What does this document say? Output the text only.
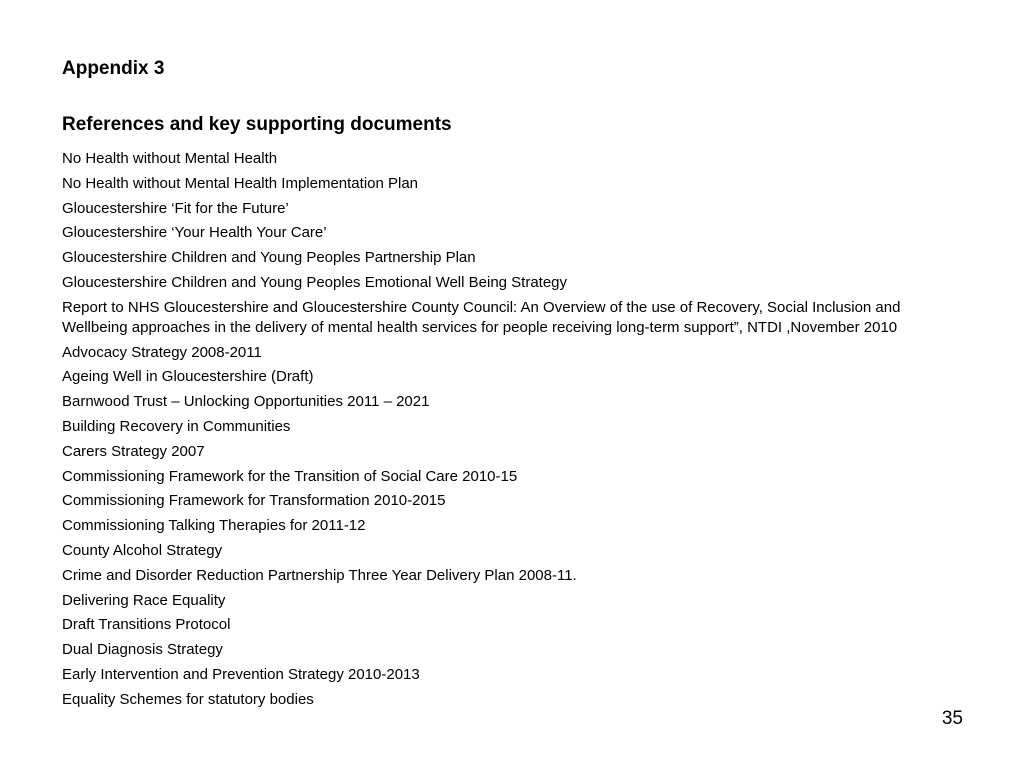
Appendix 3
References and key supporting documents
No Health without Mental Health
No Health without Mental Health Implementation Plan
Gloucestershire ‘Fit for the Future’
Gloucestershire ‘Your Health Your Care’
Gloucestershire Children and Young Peoples Partnership Plan
Gloucestershire Children and Young Peoples Emotional Well Being Strategy
Report to NHS Gloucestershire and Gloucestershire County Council: An Overview of the use of Recovery, Social Inclusion and Wellbeing approaches in the delivery of mental health services for people receiving long-term support”, NTDI ,November 2010
Advocacy Strategy 2008-2011
Ageing Well in Gloucestershire (Draft)
Barnwood Trust – Unlocking Opportunities 2011 – 2021
Building Recovery in Communities
Carers Strategy 2007
Commissioning Framework for the Transition of Social Care 2010-15
Commissioning Framework for Transformation 2010-2015
Commissioning Talking Therapies for 2011-12
County Alcohol Strategy
Crime and Disorder Reduction Partnership Three Year Delivery Plan 2008-11.
Delivering Race Equality
Draft Transitions Protocol
Dual Diagnosis Strategy
Early Intervention and Prevention Strategy 2010-2013
Equality Schemes for statutory bodies
35
